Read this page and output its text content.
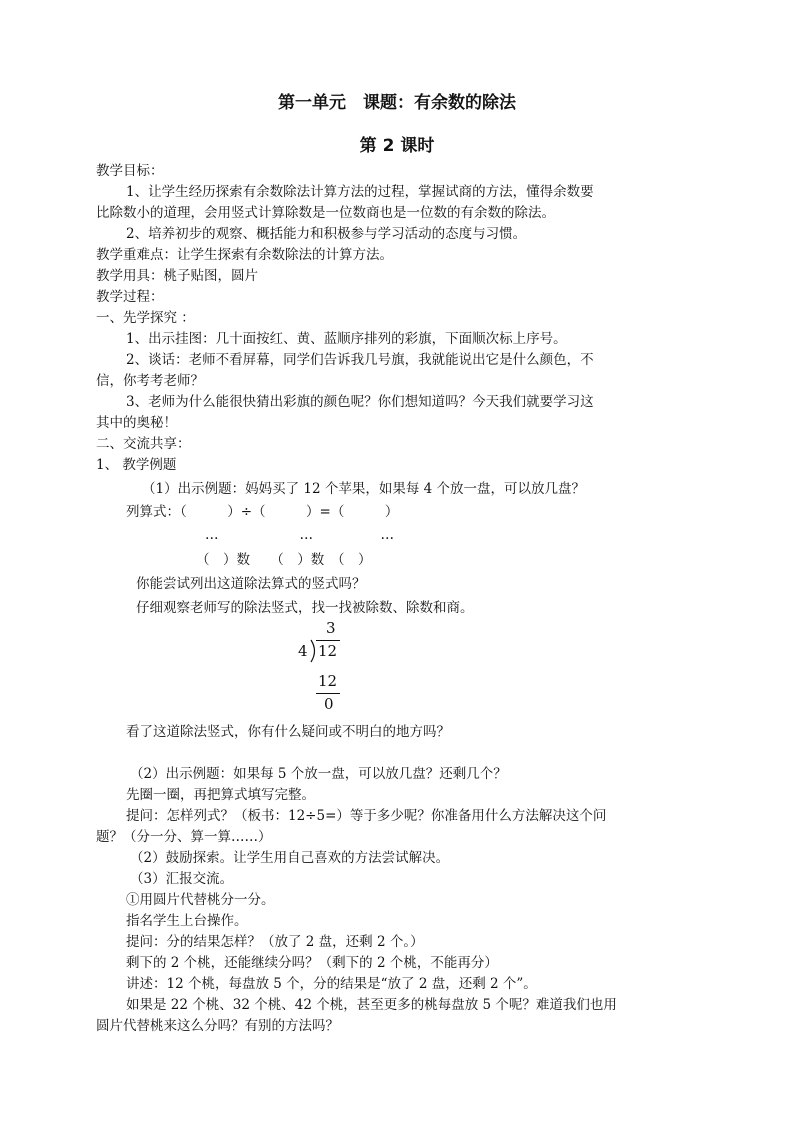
第一单元　课题：有余数的除法
第 2 课时
教学目标：
1、让学生经历探索有余数除法计算方法的过程，掌握试商的方法，懂得余数要
比除数小的道理，会用竖式计算除数是一位数商也是一位数的有余数的除法。
2、培养初步的观察、概括能力和积极参与学习活动的态度与习惯。
教学重难点：让学生探索有余数除法的计算方法。
教学用具：桃子贴图，圆片
教学过程：
一、先学探究 ：
1、出示挂图：几十面按红、黄、蓝顺序排列的彩旗，下面顺次标上序号。
2、谈话：老师不看屏幕，同学们告诉我几号旗，我就能说出它是什么颜色，不
信，你考考老师？
3、老师为什么能很快猜出彩旗的颜色呢？你们想知道吗？今天我们就要学习这
其中的奥秘！
二、交流共享：
1、 教学例题
（1）出示例题：妈妈买了 12 个苹果，如果每 4 个放一盘，可以放几盘？
列算式：（　　　）÷（　　　）=（　　　）
…　　　　　　…　　　　　…
（　）数　　（　）数　（　）
你能尝试列出这道除法算式的竖式吗？
仔细观察老师写的除法竖式，找一找被除数、除数和商。
3
4 12
12
0
看了这道除法竖式，你有什么疑问或不明白的地方吗？
（2）出示例题：如果每 5 个放一盘，可以放几盘？还剩几个？
先圈一圈，再把算式填写完整。
提问：怎样列式？（板书：12÷5=）等于多少呢？你准备用什么方法解决这个问
题？（分一分、算一算……）
（2）鼓励探索。让学生用自己喜欢的方法尝试解决。
（3）汇报交流。
①用圆片代替桃分一分。
指名学生上台操作。
提问：分的结果怎样？（放了 2 盘，还剩 2 个。）
剩下的 2 个桃，还能继续分吗？（剩下的 2 个桃，不能再分）
讲述：12 个桃，每盘放 5 个，分的结果是“放了 2 盘，还剩 2 个”。
如果是 22 个桃、32 个桃、42 个桃，甚至更多的桃每盘放 5 个呢？难道我们也用
圆片代替桃来这么分吗？有别的方法吗？
